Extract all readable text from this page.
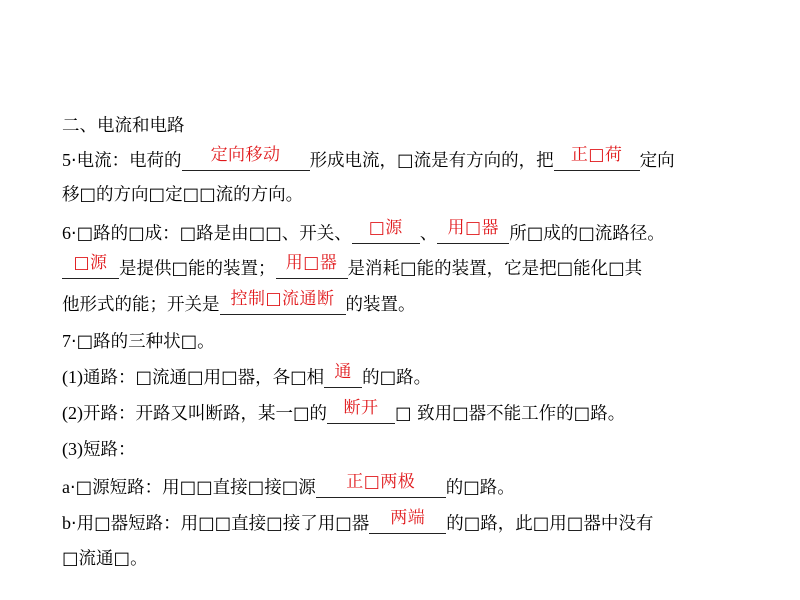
二、电流和电路
5·电流：电荷的 定向移动 形成电流，□流是有方向的，把 正□荷 定向
移□的方向□定□□流的方向。
6·□路的□成：□路是由□□、开关、 □源 、 用□器 所□成的□流路径。
□源 是提供□能的装置； 用□器 是消耗□能的装置，它是把□能化□其
他形式的能；开关是 控制□流通断 的装置。
7·□路的三种状□。
(1)通路：□流通□用□器，各□相 通 的□路。
(2)开路：开路又叫断路，某一□的 断开 □ 致用□器不能工作的□路。
(3)短路：
a·□源短路：用□□直接□接□源 正□两极 的□路。
b·用□器短路：用□□直接□接了用□器 两端 的□路，此□用□器中没有
□流通□。
